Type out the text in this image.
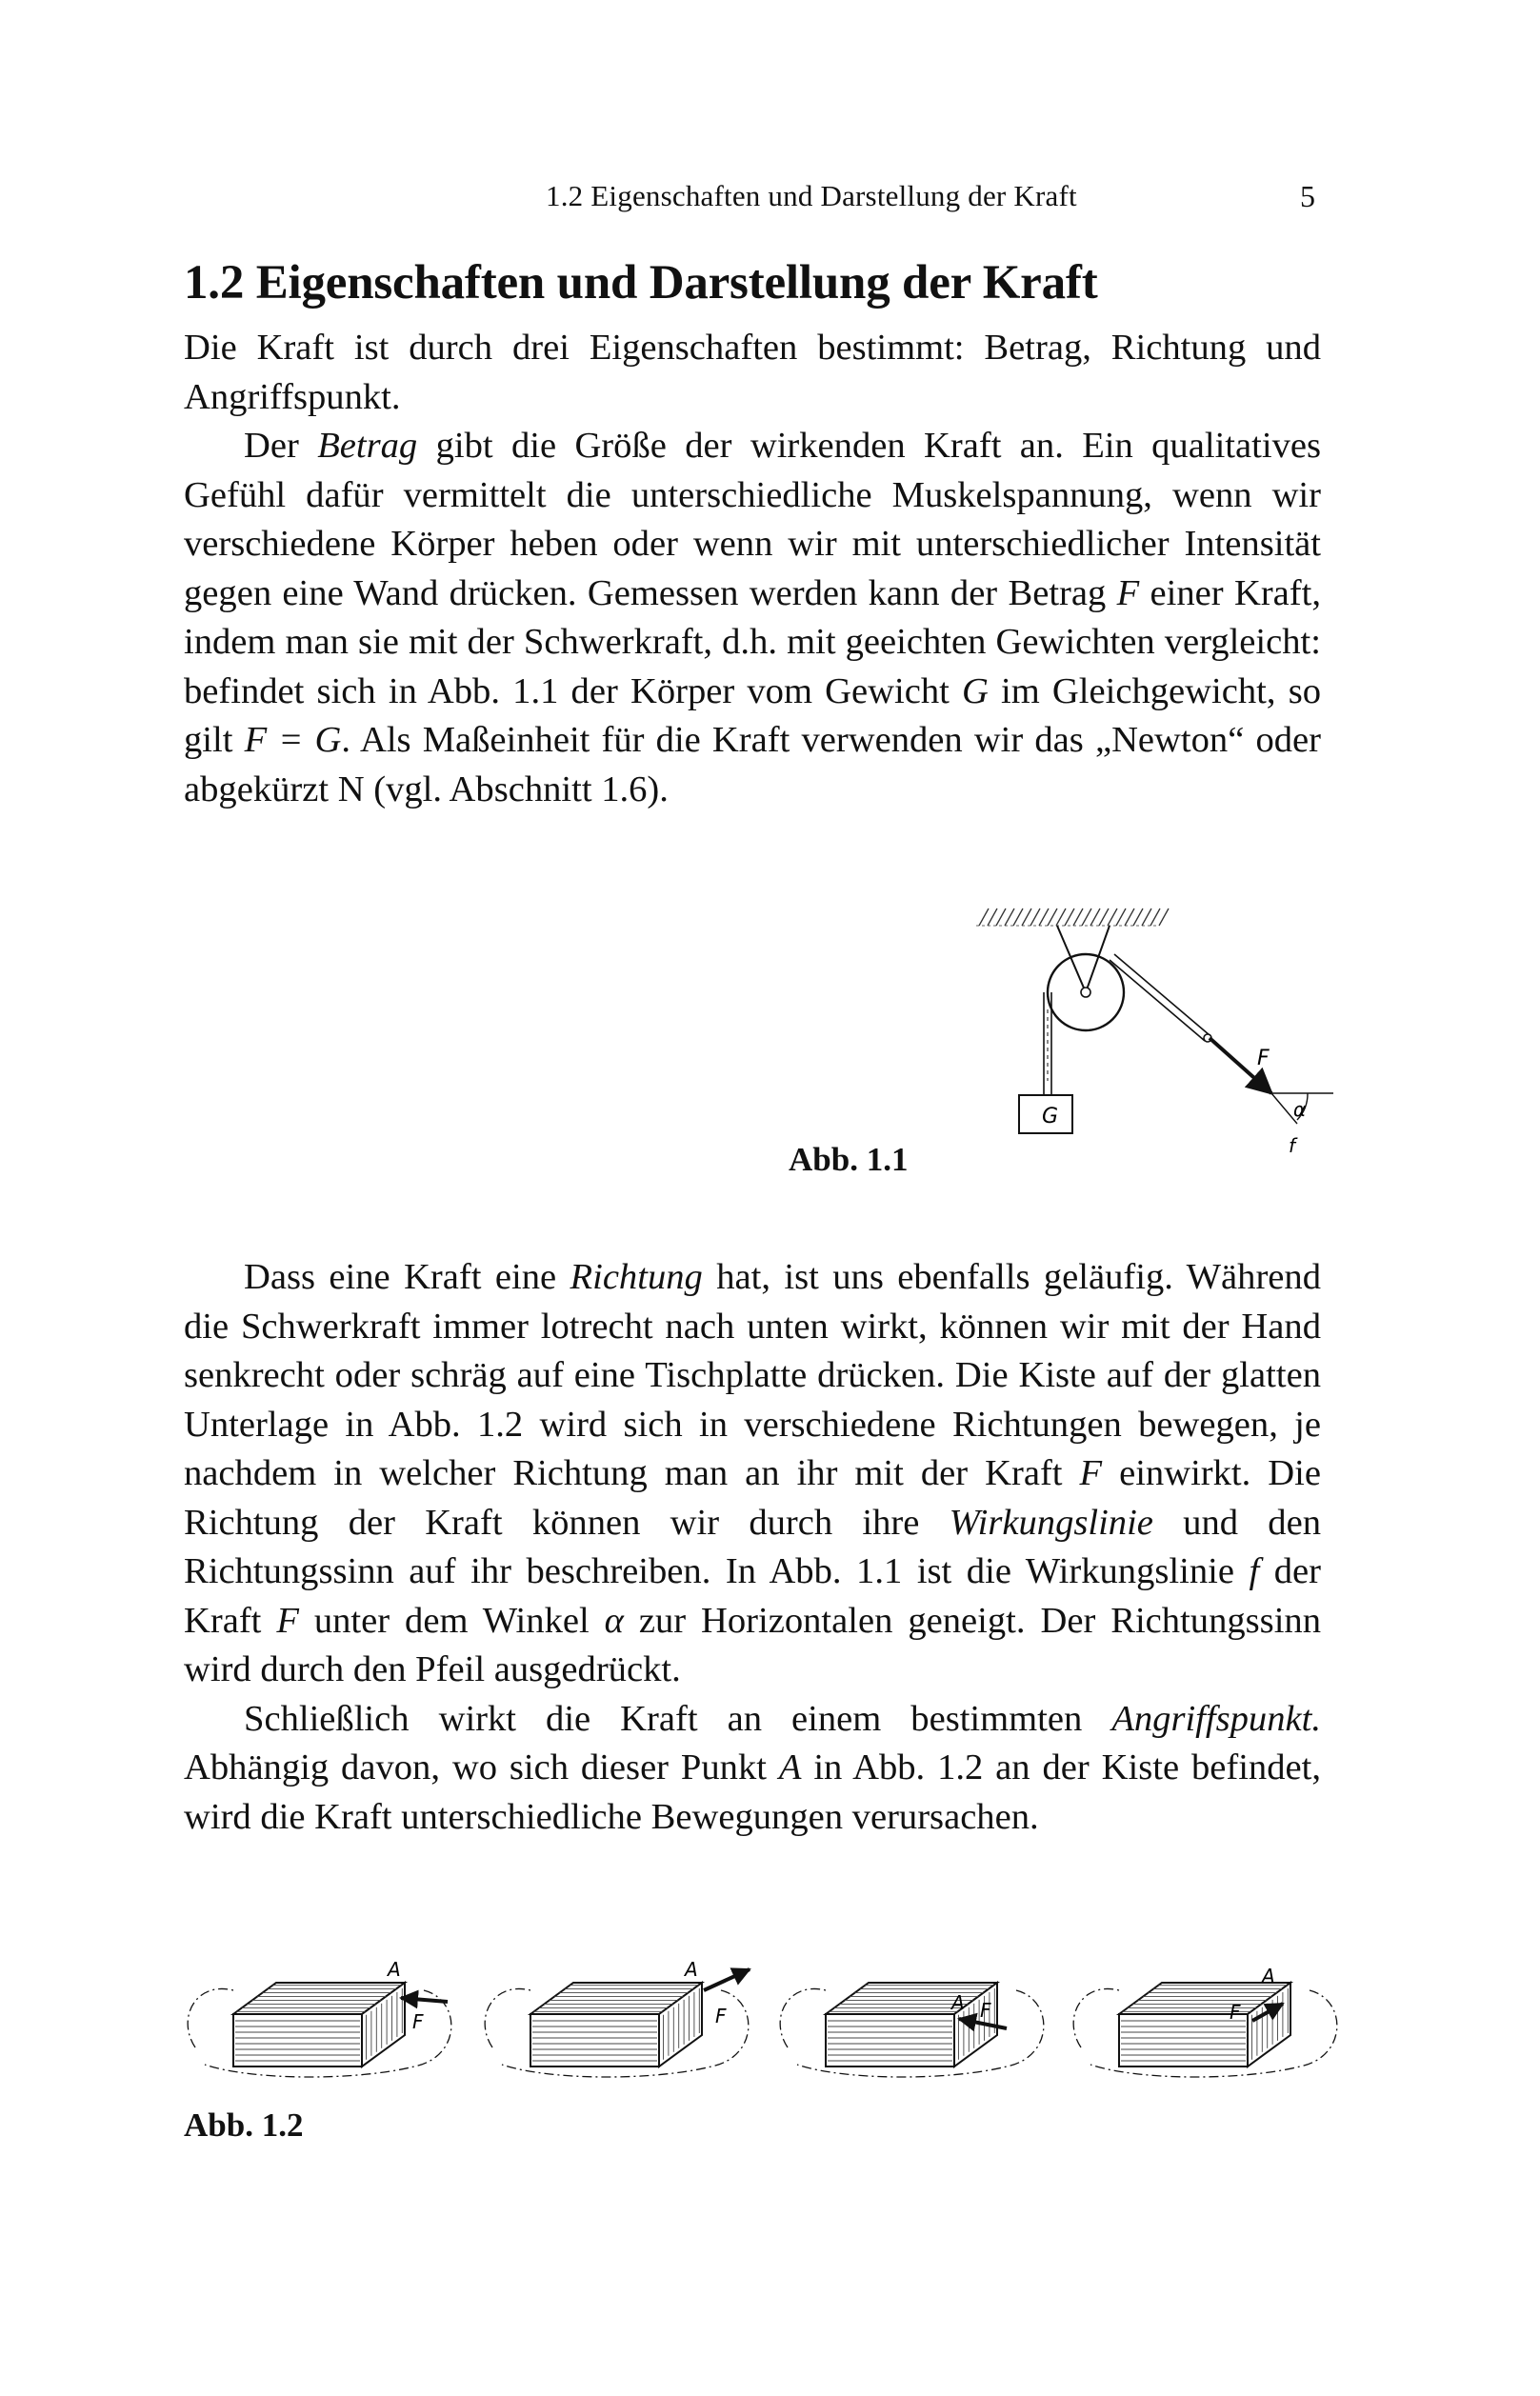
1.2 Eigenschaften und Darstellung der Kraft	5
1.2 Eigenschaften und Darstellung der Kraft

Die Kraft ist durch drei Eigenschaften bestimmt: Betrag, Richtung und Angriffspunkt.

Der Betrag gibt die Größe der wirkenden Kraft an. Ein qualitatives Gefühl dafür vermittelt die unterschiedliche Muskelspannung, wenn wir verschiedene Körper heben oder wenn wir mit unterschiedlicher Intensität gegen eine Wand drücken. Gemessen werden kann der Betrag F einer Kraft, indem man sie mit der Schwerkraft, d.h. mit geeichten Gewichten vergleicht: befindet sich in Abb. 1.1 der Körper vom Gewicht G im Gleichgewicht, so gilt F = G. Als Maßeinheit für die Kraft verwenden wir das „Newton“ oder abgekürzt N (vgl. Abschnitt 1.6).

G
F
α
f
Abb. 1.1

Dass eine Kraft eine Richtung hat, ist uns ebenfalls geläufig. Während die Schwerkraft immer lotrecht nach unten wirkt, können wir mit der Hand senkrecht oder schräg auf eine Tischplatte drücken. Die Kiste auf der glatten Unterlage in Abb. 1.2 wird sich in verschiedene Richtungen bewegen, je nachdem in welcher Richtung man an ihr mit der Kraft F einwirkt. Die Richtung der Kraft können wir durch ihre Wirkungslinie und den Richtungssinn auf ihr beschreiben. In Abb. 1.1 ist die Wirkungslinie f der Kraft F unter dem Winkel α zur Horizontalen geneigt. Der Richtungssinn wird durch den Pfeil ausgedrückt.

Schließlich wirkt die Kraft an einem bestimmten Angriffspunkt. Abhängig davon, wo sich dieser Punkt A in Abb. 1.2 an der Kiste befindet, wird die Kraft unterschiedliche Bewegungen verursachen.

A
F
A
F
A F
A
F
Abb. 1.2
